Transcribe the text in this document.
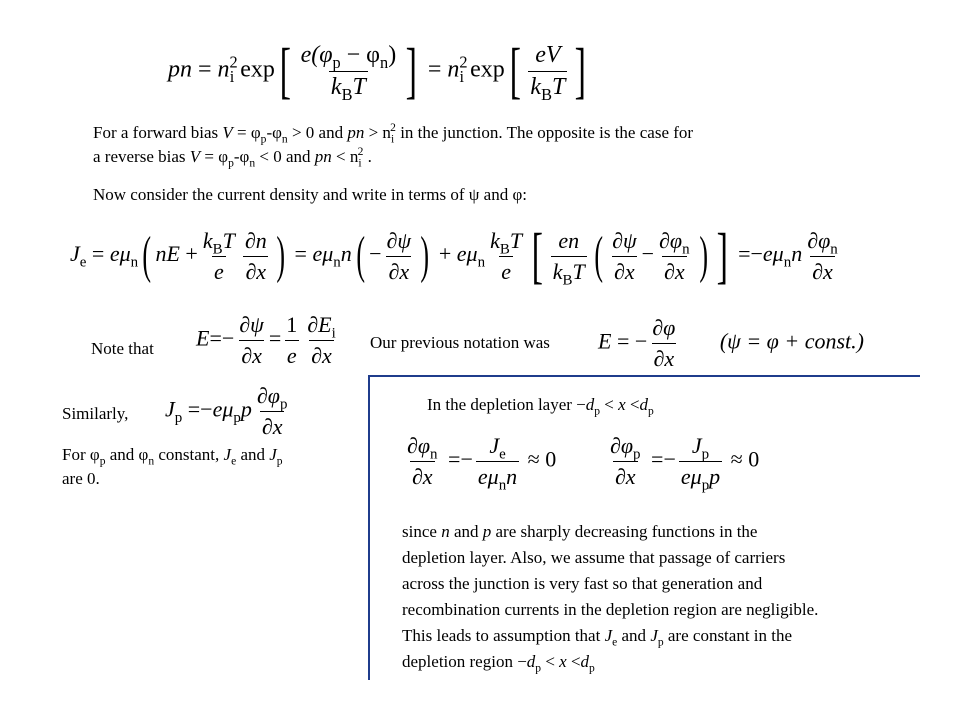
pn = $n^2_i$ $\exp[ \frac{e(\varphi_p - \varphi_n)}{k_BT}$ ] = $n^2_i$ $\exp[ \frac{eV}{k_BT}$ ]
For a forward bias $V = \varphi_p-\varphi_n > 0$ and pn > $n_i^2$ in the junction. The opposite is the case for
a reverse bias $V = \varphi_p-\varphi_n < 0$ and pn < $n_i^2$ .
Now consider the current density and write in terms of ψ and φ:
$J_e = e\mu_n$( nE + $\frac{k_BT}{e} \frac{\partial n}{\partial x}$ ) = $e\mu_nn( - \frac{\partial\psi}{\partial x}$ ) + $e\mu_n \frac{k_BT}{e}$ [ $\frac{en}{k_BT}$ ( $\frac{\partial\psi}{\partial x} - \frac{\partial\varphi_n}{\partial x}$ ) ] $=-e\mu_nn \frac{\partial\varphi_n}{\partial x}$
Note that $E=- \frac{\partial\psi}{\partial x} = \frac{1}{e} \frac{\partial E_i}{\partial x}$ Our previous notation was E = − $\frac{\partial\varphi}{\partial x} (\psi = \varphi$ + const.)
Similarly, $J_p =-e\mu_pp \frac{\partial\varphi_p}{\partial x}$
For $\varphi_p$ and $\varphi_n$ constant, $J_e$ and $J_p$
are 0.
In the depletion layer $-d_p < x <d_p$
$\frac{\partial\varphi_n}{\partial x} =- \frac{J_e}{e\mu_nn} \approx 0 \frac{\partial\varphi_p}{\partial x} =- \frac{J_p}{e\mu_pp} \approx 0$
since n and p are sharply decreasing functions in the
depletion layer. Also, we assume that passage of carriers
across the junction is very fast so that generation and
recombination currents in the depletion region are negligible.
This leads to assumption that $J_e$ and $J_p$ are constant in the
depletion region $-d_p < x <d_p$
